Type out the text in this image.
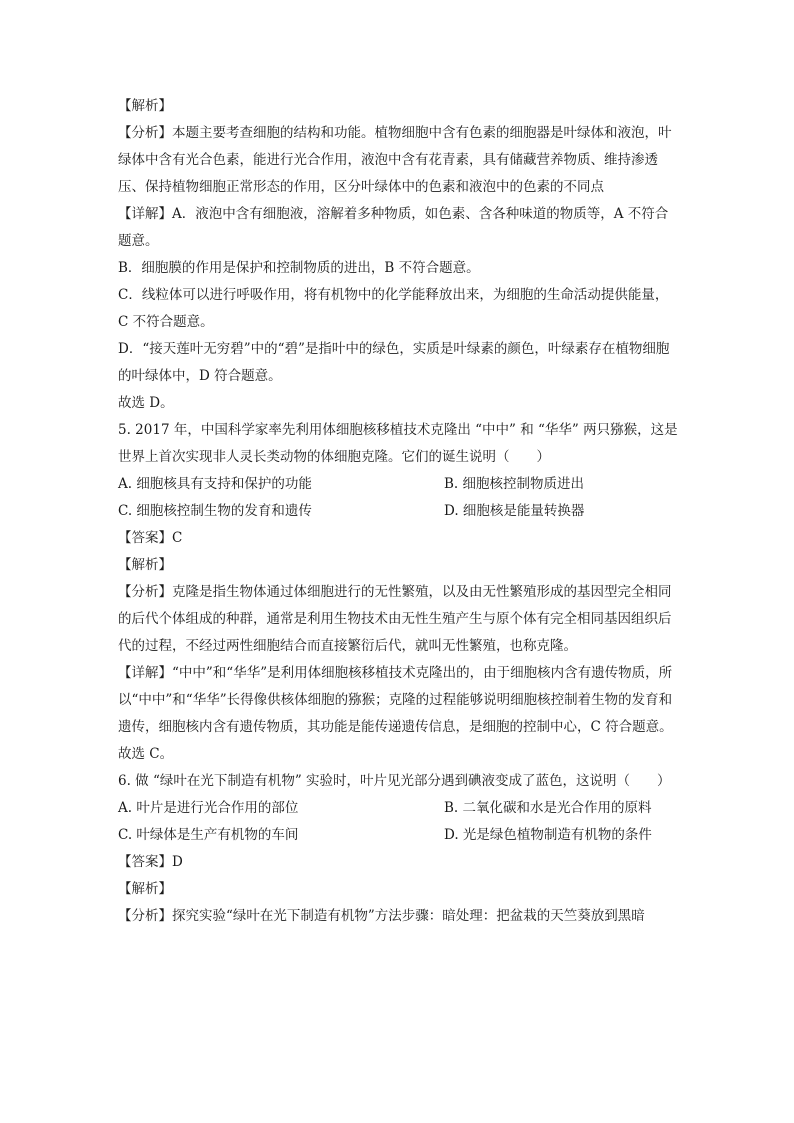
【解析】
【分析】本题主要考查细胞的结构和功能。植物细胞中含有色素的细胞器是叶绿体和液泡，叶绿体中含有光合色素，能进行光合作用，液泡中含有花青素，具有储藏营养物质、维持渗透压、保持植物细胞正常形态的作用，区分叶绿体中的色素和液泡中的色素的不同点
【详解】A．液泡中含有细胞液，溶解着多种物质，如色素、含各种味道的物质等，A 不符合题意。
B．细胞膜的作用是保护和控制物质的进出，B 不符合题意。
C．线粒体可以进行呼吸作用，将有机物中的化学能释放出来，为细胞的生命活动提供能量，C 不符合题意。
D．“接天莲叶无穷碧”中的“碧”是指叶中的绿色，实质是叶绿素的颜色，叶绿素存在植物细胞的叶绿体中，D 符合题意。
故选 D。
5. 2017 年，中国科学家率先利用体细胞核移植技术克隆出 “中中” 和 “华华” 两只猕猴，这是世界上首次实现非人灵长类动物的体细胞克隆。它们的诞生说明（　　）
A. 细胞核具有支持和保护的功能	B. 细胞核控制物质进出
C. 细胞核控制生物的发育和遗传	D. 细胞核是能量转换器
【答案】C
【解析】
【分析】克隆是指生物体通过体细胞进行的无性繁殖，以及由无性繁殖形成的基因型完全相同的后代个体组成的种群，通常是利用生物技术由无性生殖产生与原个体有完全相同基因组织后代的过程，不经过两性细胞结合而直接繁衍后代，就叫无性繁殖，也称克隆。
【详解】“中中”和“华华”是利用体细胞核移植技术克隆出的，由于细胞核内含有遗传物质，所以“中中”和“华华”长得像供核体细胞的猕猴；克隆的过程能够说明细胞核控制着生物的发育和遗传，细胞核内含有遗传物质，其功能是能传递遗传信息，是细胞的控制中心，C 符合题意。
故选 C。
6. 做 “绿叶在光下制造有机物” 实验时，叶片见光部分遇到碘液变成了蓝色，这说明（　　）
A. 叶片是进行光合作用的部位	B. 二氧化碳和水是光合作用的原料
C. 叶绿体是生产有机物的车间	D. 光是绿色植物制造有机物的条件
【答案】D
【解析】
【分析】探究实验“绿叶在光下制造有机物”方法步骤：暗处理：把盆栽的天竺葵放到黑暗
